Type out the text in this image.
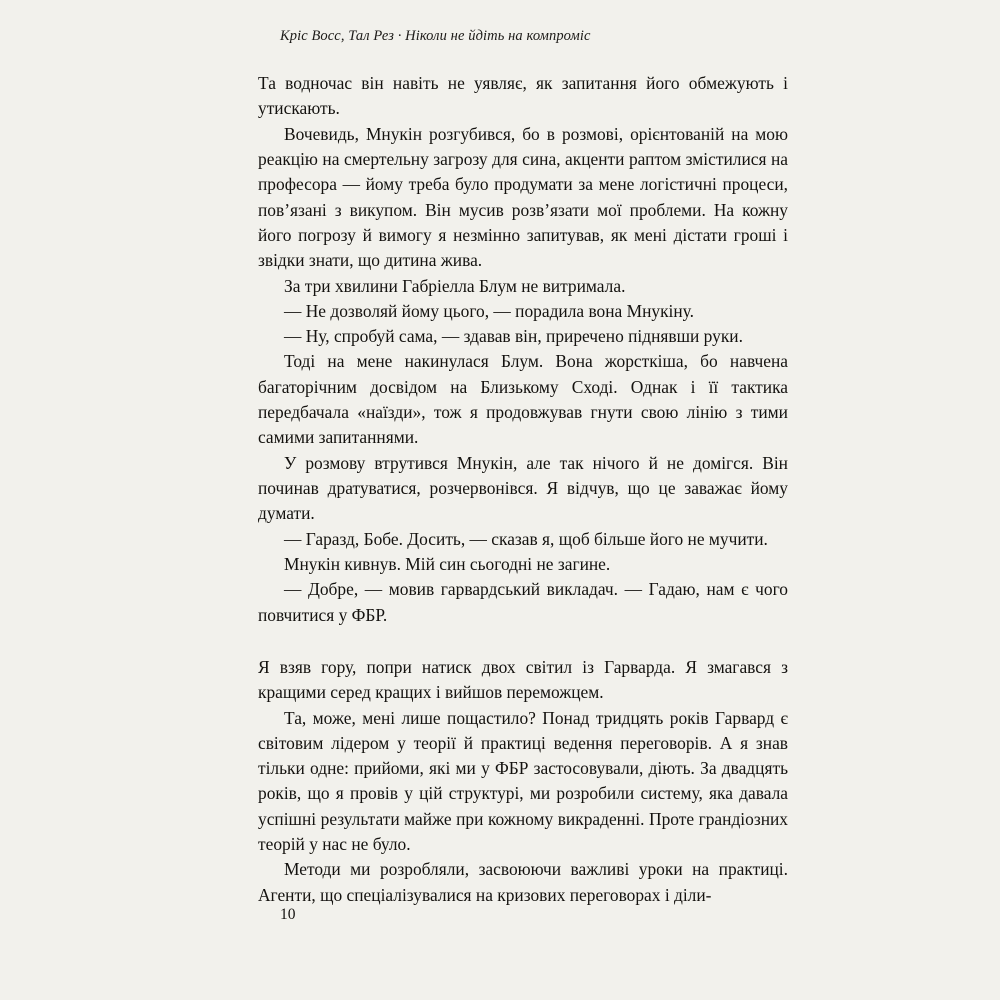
Кріс Восс, Тал Рез · Ніколи не йдіть на компроміс

Та водночас він навіть не уявляє, як запитання його обмежують і утискають.

Вочевидь, Мнукін розгубився, бо в розмові, орієнтованій на мою реакцію на смертельну загрозу для сина, акценти раптом змістилися на професора — йому треба було продумати за мене логістичні процеси, пов’язані з викупом. Він мусив розв’язати мої проблеми. На кожну його погрозу й вимогу я незмінно запитував, як мені дістати гроші і звідки знати, що дитина жива.

За три хвилини Габріелла Блум не витримала.

— Не дозволяй йому цього, — порадила вона Мнукіну.

— Ну, спробуй сама, — здавав він, приречено піднявши руки.

Тоді на мене накинулася Блум. Вона жорсткіша, бо навчена багаторічним досвідом на Близькому Сході. Однак і її тактика передбачала «наїзди», тож я продовжував гнути свою лінію з тими самими запитаннями.

У розмову втрутився Мнукін, але так нічого й не домігся. Він починав дратуватися, розчервонівся. Я відчув, що це заважає йому думати.

— Гаразд, Бобе. Досить, — сказав я, щоб більше його не мучити.

Мнукін кивнув. Мій син сьогодні не загине.

— Добре, — мовив гарвардський викладач. — Гадаю, нам є чого повчитися у ФБР.

Я взяв гору, попри натиск двох світил із Гарварда. Я змагався з кращими серед кращих і вийшов переможцем.

Та, може, мені лише пощастило? Понад тридцять років Гарвард є світовим лідером у теорії й практиці ведення переговорів. А я знав тільки одне: прийоми, які ми у ФБР застосовували, діють. За двадцять років, що я провів у цій структурі, ми розробили систему, яка давала успішні результати майже при кожному викраденні. Проте грандіозних теорій у нас не було.

Методи ми розробляли, засвоюючи важливі уроки на практиці. Агенти, що спеціалізувалися на кризових переговорах і діли-

10
